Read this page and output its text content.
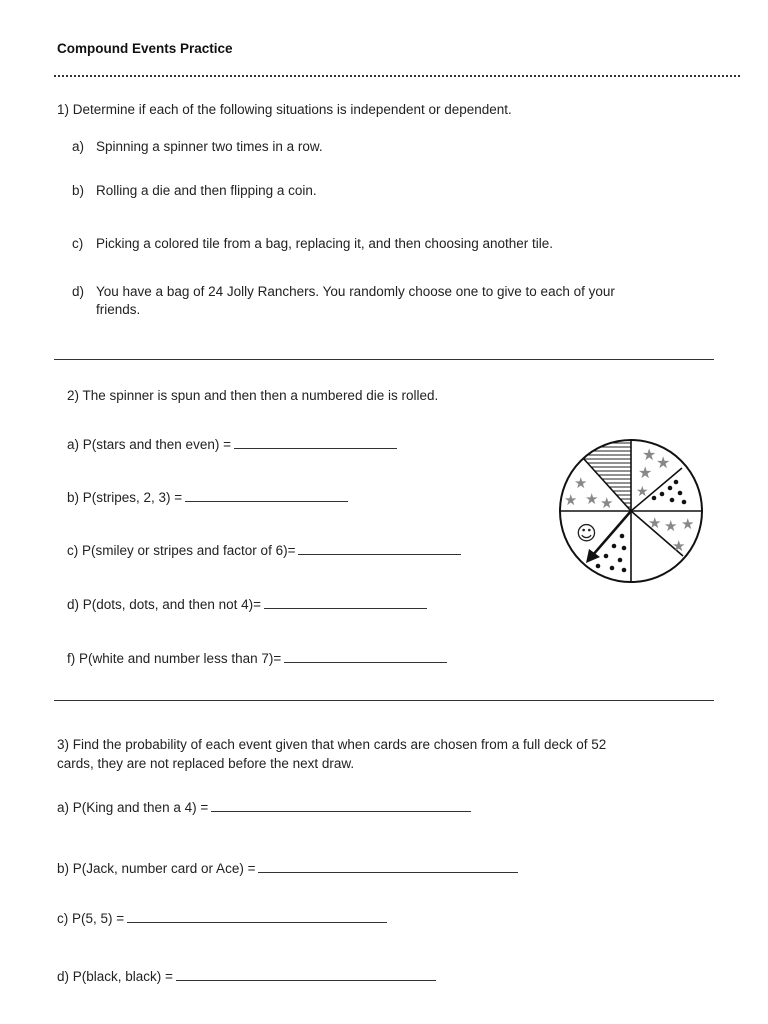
Compound Events Practice
1) Determine if each of the following situations is independent or dependent.
a) Spinning a spinner two times in a row.
b) Rolling a die and then flipping a coin.
c) Picking a colored tile from a bag, replacing it, and then choosing another tile.
d) You have a bag of 24 Jolly Ranchers. You randomly choose one to give to each of your
friends.
2) The spinner is spun and then then a numbered die is rolled.
a) P(stars and then even) =
b) P(stripes, 2, 3) =
c) P(smiley or stripes and factor of 6)=
d) P(dots, dots, and then not 4)=
f) P(white and number less than 7)=
★ ★
★
★
★
★ ★ ★
★ ★ ★
★
☺
3) Find the probability of each event given that when cards are chosen from a full deck of 52
cards, they are not replaced before the next draw.
a) P(King and then a 4) =
b) P(Jack, number card or Ace) =
c) P(5, 5) =
d) P(black, black) =
